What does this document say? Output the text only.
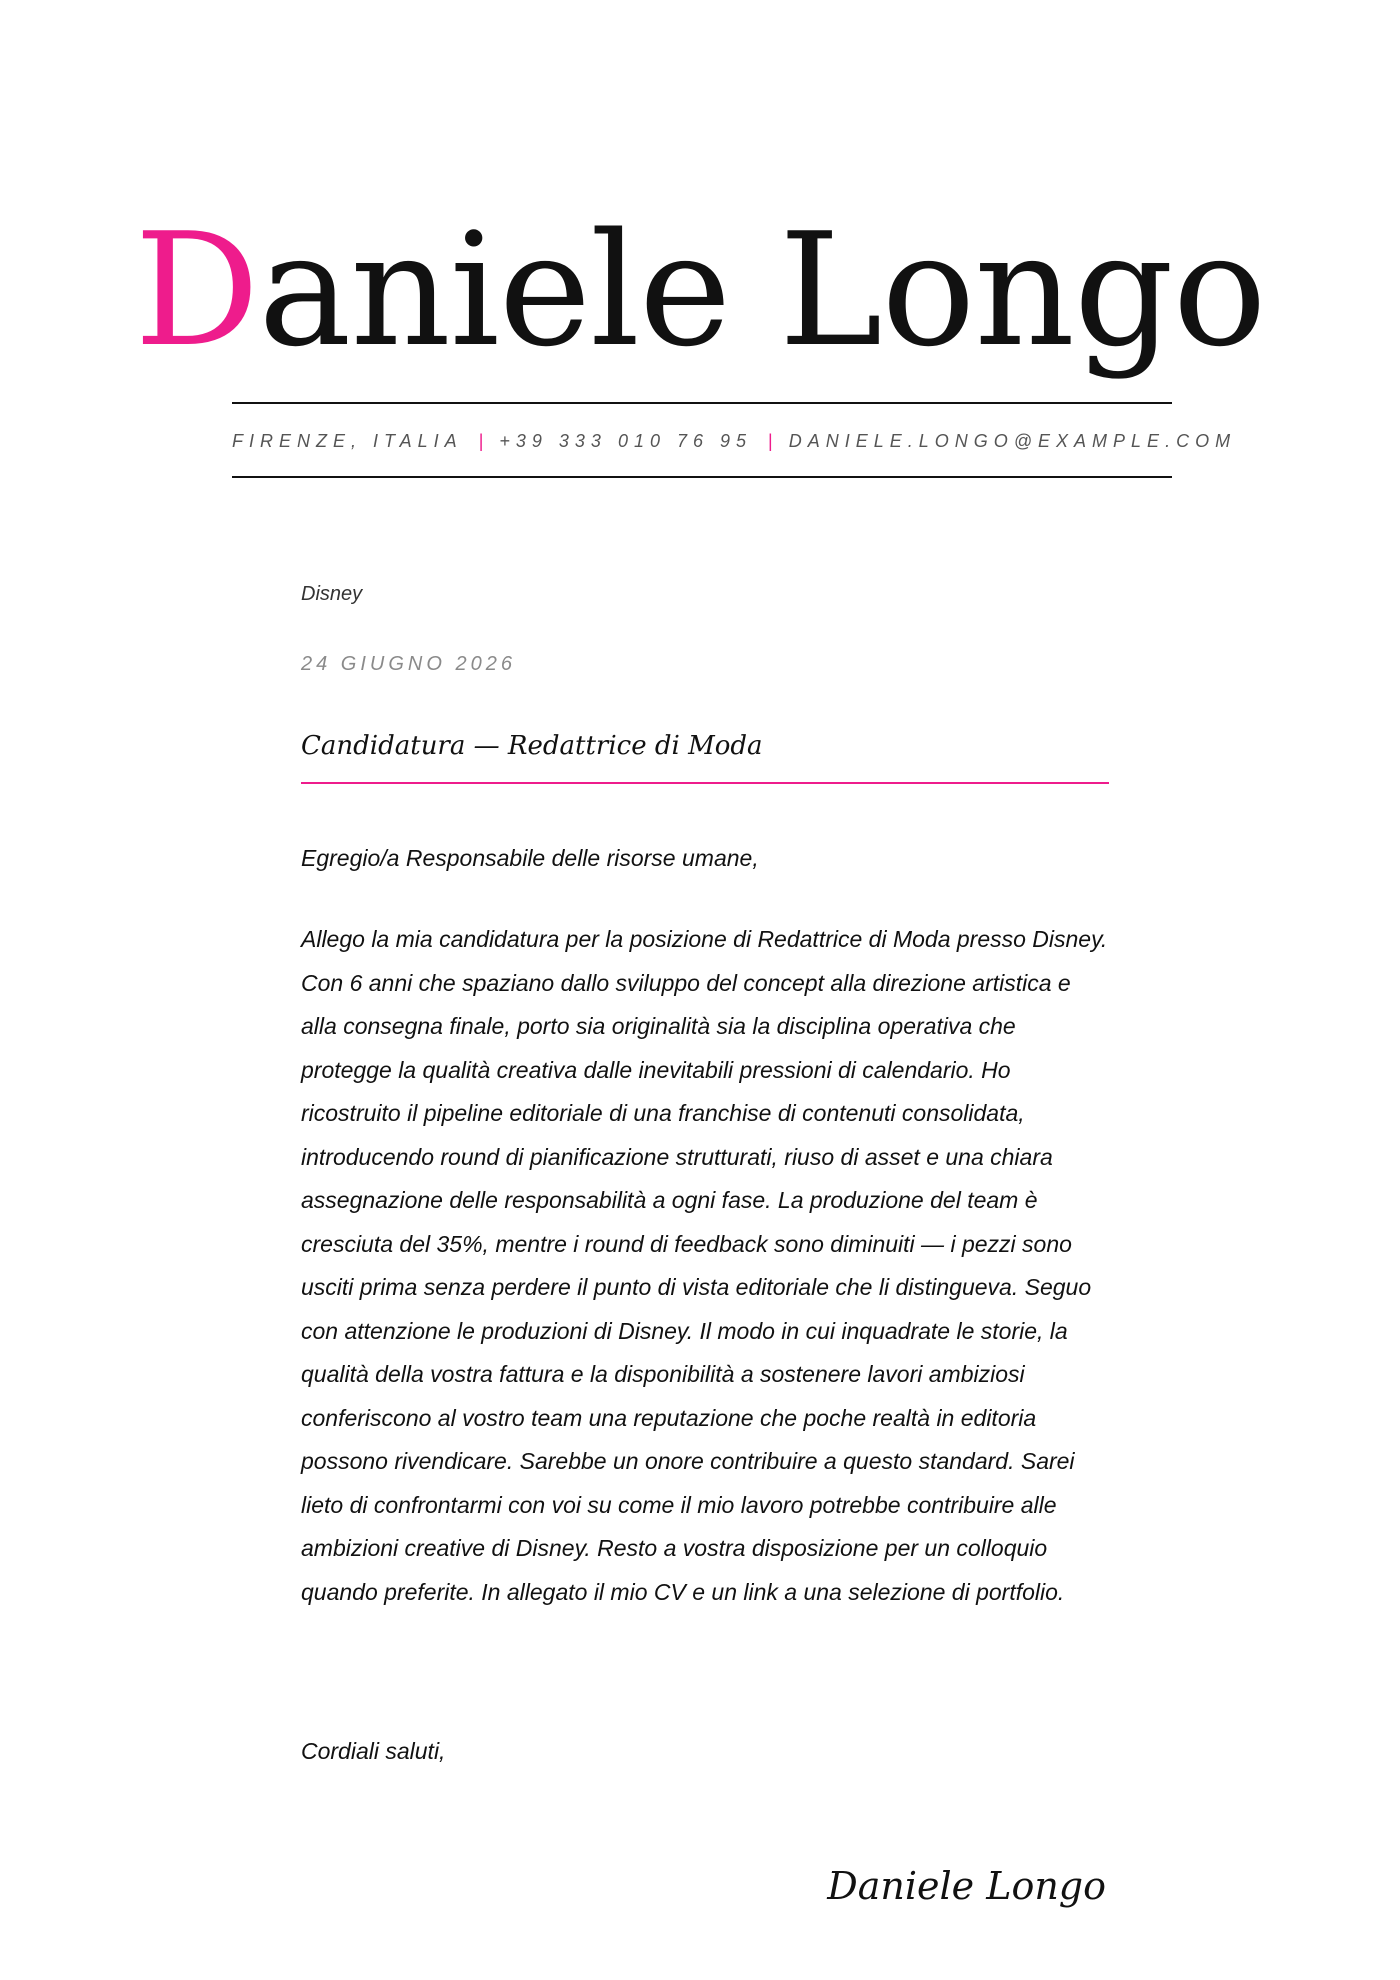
Daniele Longo
FIRENZE, ITALIA | +39 333 010 76 95 | DANIELE.LONGO@EXAMPLE.COM
Disney
24 GIUGNO 2026
Candidatura — Redattrice di Moda
Egregio/a Responsabile delle risorse umane,
Allego la mia candidatura per la posizione di Redattrice di Moda presso Disney. Con 6 anni che spaziano dallo sviluppo del concept alla direzione artistica e alla consegna finale, porto sia originalità sia la disciplina operativa che protegge la qualità creativa dalle inevitabili pressioni di calendario. Ho ricostruito il pipeline editoriale di una franchise di contenuti consolidata, introducendo round di pianificazione strutturati, riuso di asset e una chiara assegnazione delle responsabilità a ogni fase. La produzione del team è cresciuta del 35%, mentre i round di feedback sono diminuiti — i pezzi sono usciti prima senza perdere il punto di vista editoriale che li distingueva. Seguo con attenzione le produzioni di Disney. Il modo in cui inquadrate le storie, la qualità della vostra fattura e la disponibilità a sostenere lavori ambiziosi conferiscono al vostro team una reputazione che poche realtà in editoria possono rivendicare. Sarebbe un onore contribuire a questo standard. Sarei lieto di confrontarmi con voi su come il mio lavoro potrebbe contribuire alle ambizioni creative di Disney. Resto a vostra disposizione per un colloquio quando preferite. In allegato il mio CV e un link a una selezione di portfolio.
Cordiali saluti,
Daniele Longo
